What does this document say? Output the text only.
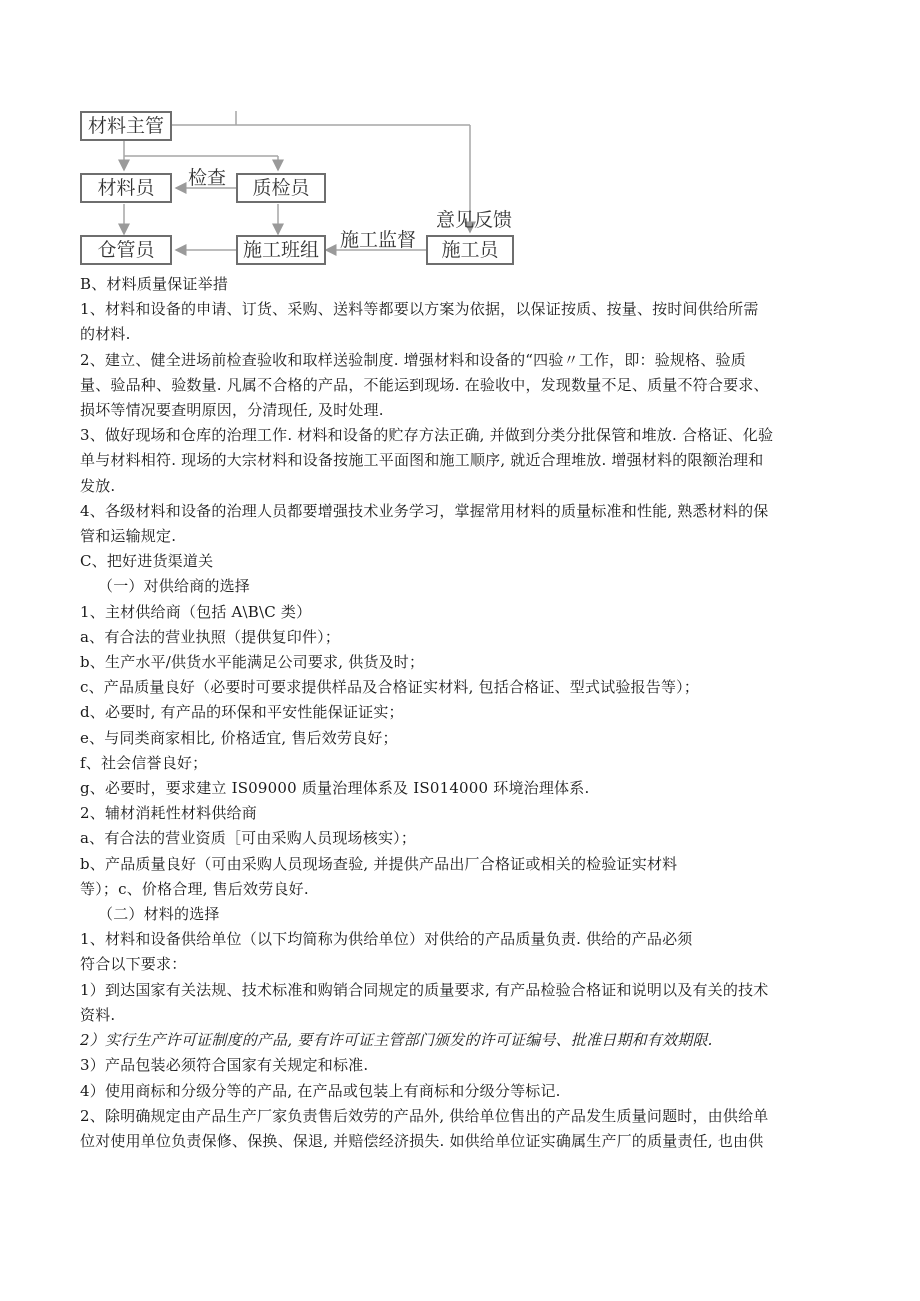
材料主管
材料员	质检员
仓管员	施工班组	施工员
检查
施工监督
意见反馈

B、材料质量保证举措

1、材料和设备的申请、订货、采购、送料等都要以方案为依据，以保证按质、按量、按时间供给所需

的材料.

2、建立、健全进场前检查验收和取样送验制度. 增强材料和设备的“四验〃工作，即：验规格、验质

量、验品种、验数量. 凡属不合格的产品，不能运到现场. 在验收中，发现数量不足、质量不符合要求、

损坏等情况要查明原因，分清现任, 及时处理.

3、做好现场和仓库的治理工作. 材料和设备的贮存方法正确, 并做到分类分批保管和堆放. 合格证、化验

单与材料相符. 现场的大宗材料和设备按施工平面图和施工顺序, 就近合理堆放. 增强材料的限额治理和

发放.

4、各级材料和设备的治理人员都要增强技术业务学习，掌握常用材料的质量标准和性能, 熟悉材料的保

管和运输规定.

C、把好进货渠道关

（一）对供给商的选择

1、主材供给商（包括 A\B\C 类）

a、有合法的营业执照（提供复印件）；

b、生产水平/供货水平能满足公司要求, 供货及时；

c、产品质量良好（必要时可要求提供样品及合格证实材料, 包括合格证、型式试验报告等）；

d、必要时, 有产品的环保和平安性能保证证实；

e、与同类商家相比, 价格适宜, 售后效劳良好；

f、社会信誉良好；

g、必要时，要求建立 IS09000 质量治理体系及 IS014000 环境治理体系.

2、辅材消耗性材料供给商

a、有合法的营业资质［可由采购人员现场核实）；

b、产品质量良好（可由采购人员现场查验, 并提供产品出厂合格证或相关的检验证实材料

等）；c、价格合理, 售后效劳良好.

（二）材料的选择

1、材料和设备供给单位（以下均简称为供给单位）对供给的产品质量负责. 供给的产品必须

符合以下要求：

1）到达国家有关法规、技术标准和购销合同规定的质量要求, 有产品检验合格证和说明以及有关的技术

资料.

2）实行生产许可证制度的产品, 要有许可证主管部门颁发的许可证编号、批准日期和有效期限.

3）产品包装必须符合国家有关规定和标准.

4）使用商标和分级分等的产品, 在产品或包装上有商标和分级分等标记.

2、除明确规定由产品生产厂家负责售后效劳的产品外, 供给单位售出的产品发生质量问题时，由供给单

位对使用单位负责保修、保换、保退, 并赔偿经济损失. 如供给单位证实确属生产厂的质量责任, 也由供
